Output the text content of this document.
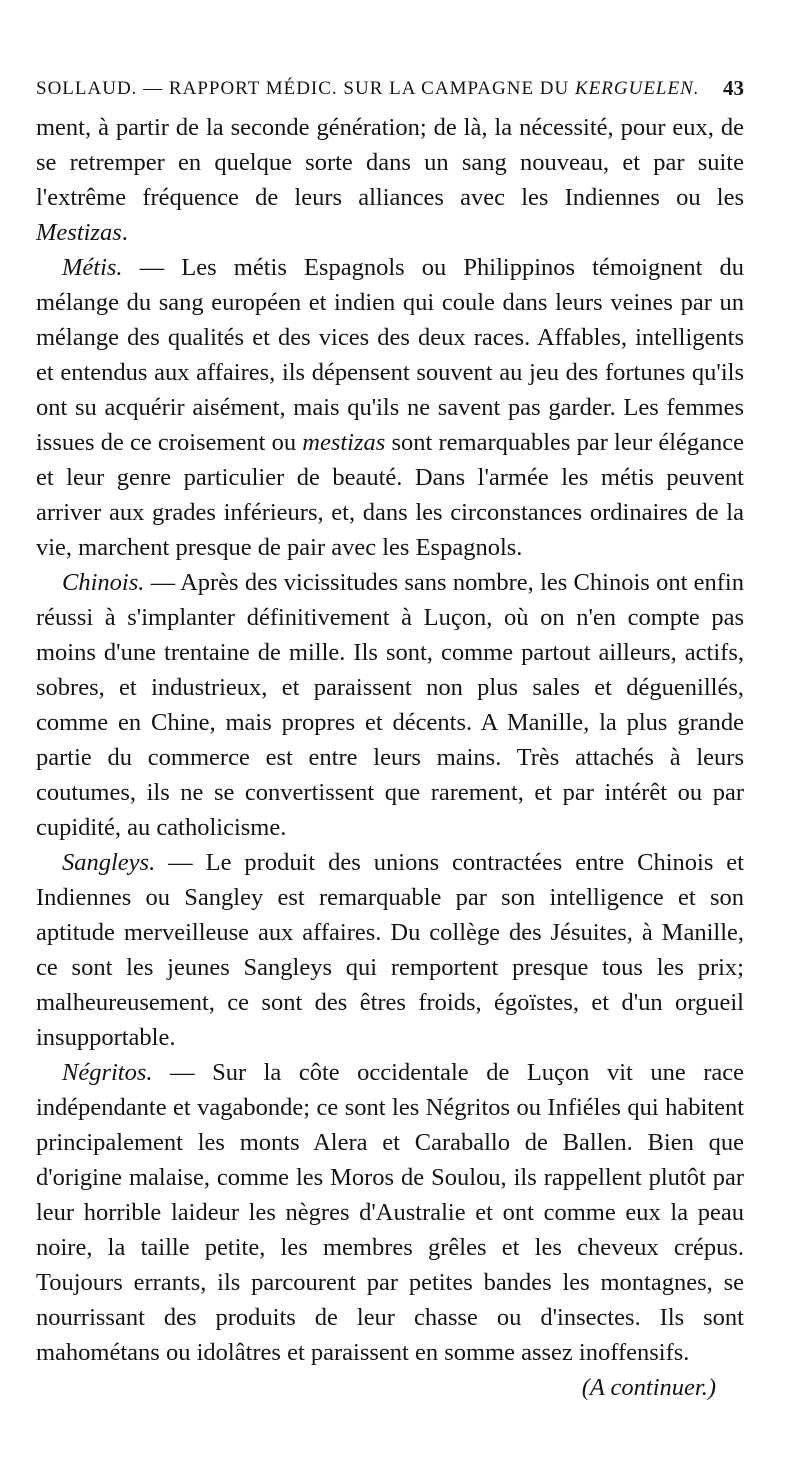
SOLLAUD. — RAPPORT MÉDIC. SUR LA CAMPAGNE DU KERGUELEN. 43

ment, à partir de la seconde génération; de là, la nécessité, pour eux, de se retremper en quelque sorte dans un sang nouveau, et par suite l'extrême fréquence de leurs alliances avec les Indiennes ou les Mestizas.

Métis. — Les métis Espagnols ou Philippinos témoignent du mélange du sang européen et indien qui coule dans leurs veines par un mélange des qualités et des vices des deux races. Affables, intelligents et entendus aux affaires, ils dépensent souvent au jeu des fortunes qu'ils ont su acquérir aisément, mais qu'ils ne savent pas garder. Les femmes issues de ce croisement ou mestizas sont remarquables par leur élégance et leur genre particulier de beauté. Dans l'armée les métis peuvent arriver aux grades inférieurs, et, dans les circonstances ordinaires de la vie, marchent presque de pair avec les Espagnols.

Chinois. — Après des vicissitudes sans nombre, les Chinois ont enfin réussi à s'implanter définitivement à Luçon, où on n'en compte pas moins d'une trentaine de mille. Ils sont, comme partout ailleurs, actifs, sobres, et industrieux, et paraissent non plus sales et déguenillés, comme en Chine, mais propres et décents. A Manille, la plus grande partie du commerce est entre leurs mains. Très attachés à leurs coutumes, ils ne se convertissent que rarement, et par intérêt ou par cupidité, au catholicisme.

Sangleys. — Le produit des unions contractées entre Chinois et Indiennes ou Sangley est remarquable par son intelligence et son aptitude merveilleuse aux affaires. Du collège des Jésuites, à Manille, ce sont les jeunes Sangleys qui remportent presque tous les prix; malheureusement, ce sont des êtres froids, égoïstes, et d'un orgueil insupportable.

Négritos. — Sur la côte occidentale de Luçon vit une race indépendante et vagabonde; ce sont les Négritos ou Infiéles qui habitent principalement les monts Alera et Caraballo de Ballen. Bien que d'origine malaise, comme les Moros de Soulou, ils rappellent plutôt par leur horrible laideur les nègres d'Australie et ont comme eux la peau noire, la taille petite, les membres grêles et les cheveux crépus. Toujours errants, ils parcourent par petites bandes les montagnes, se nourrissant des produits de leur chasse ou d'insectes. Ils sont mahométans ou idolâtres et paraissent en somme assez inoffensifs.

(A continuer.)
